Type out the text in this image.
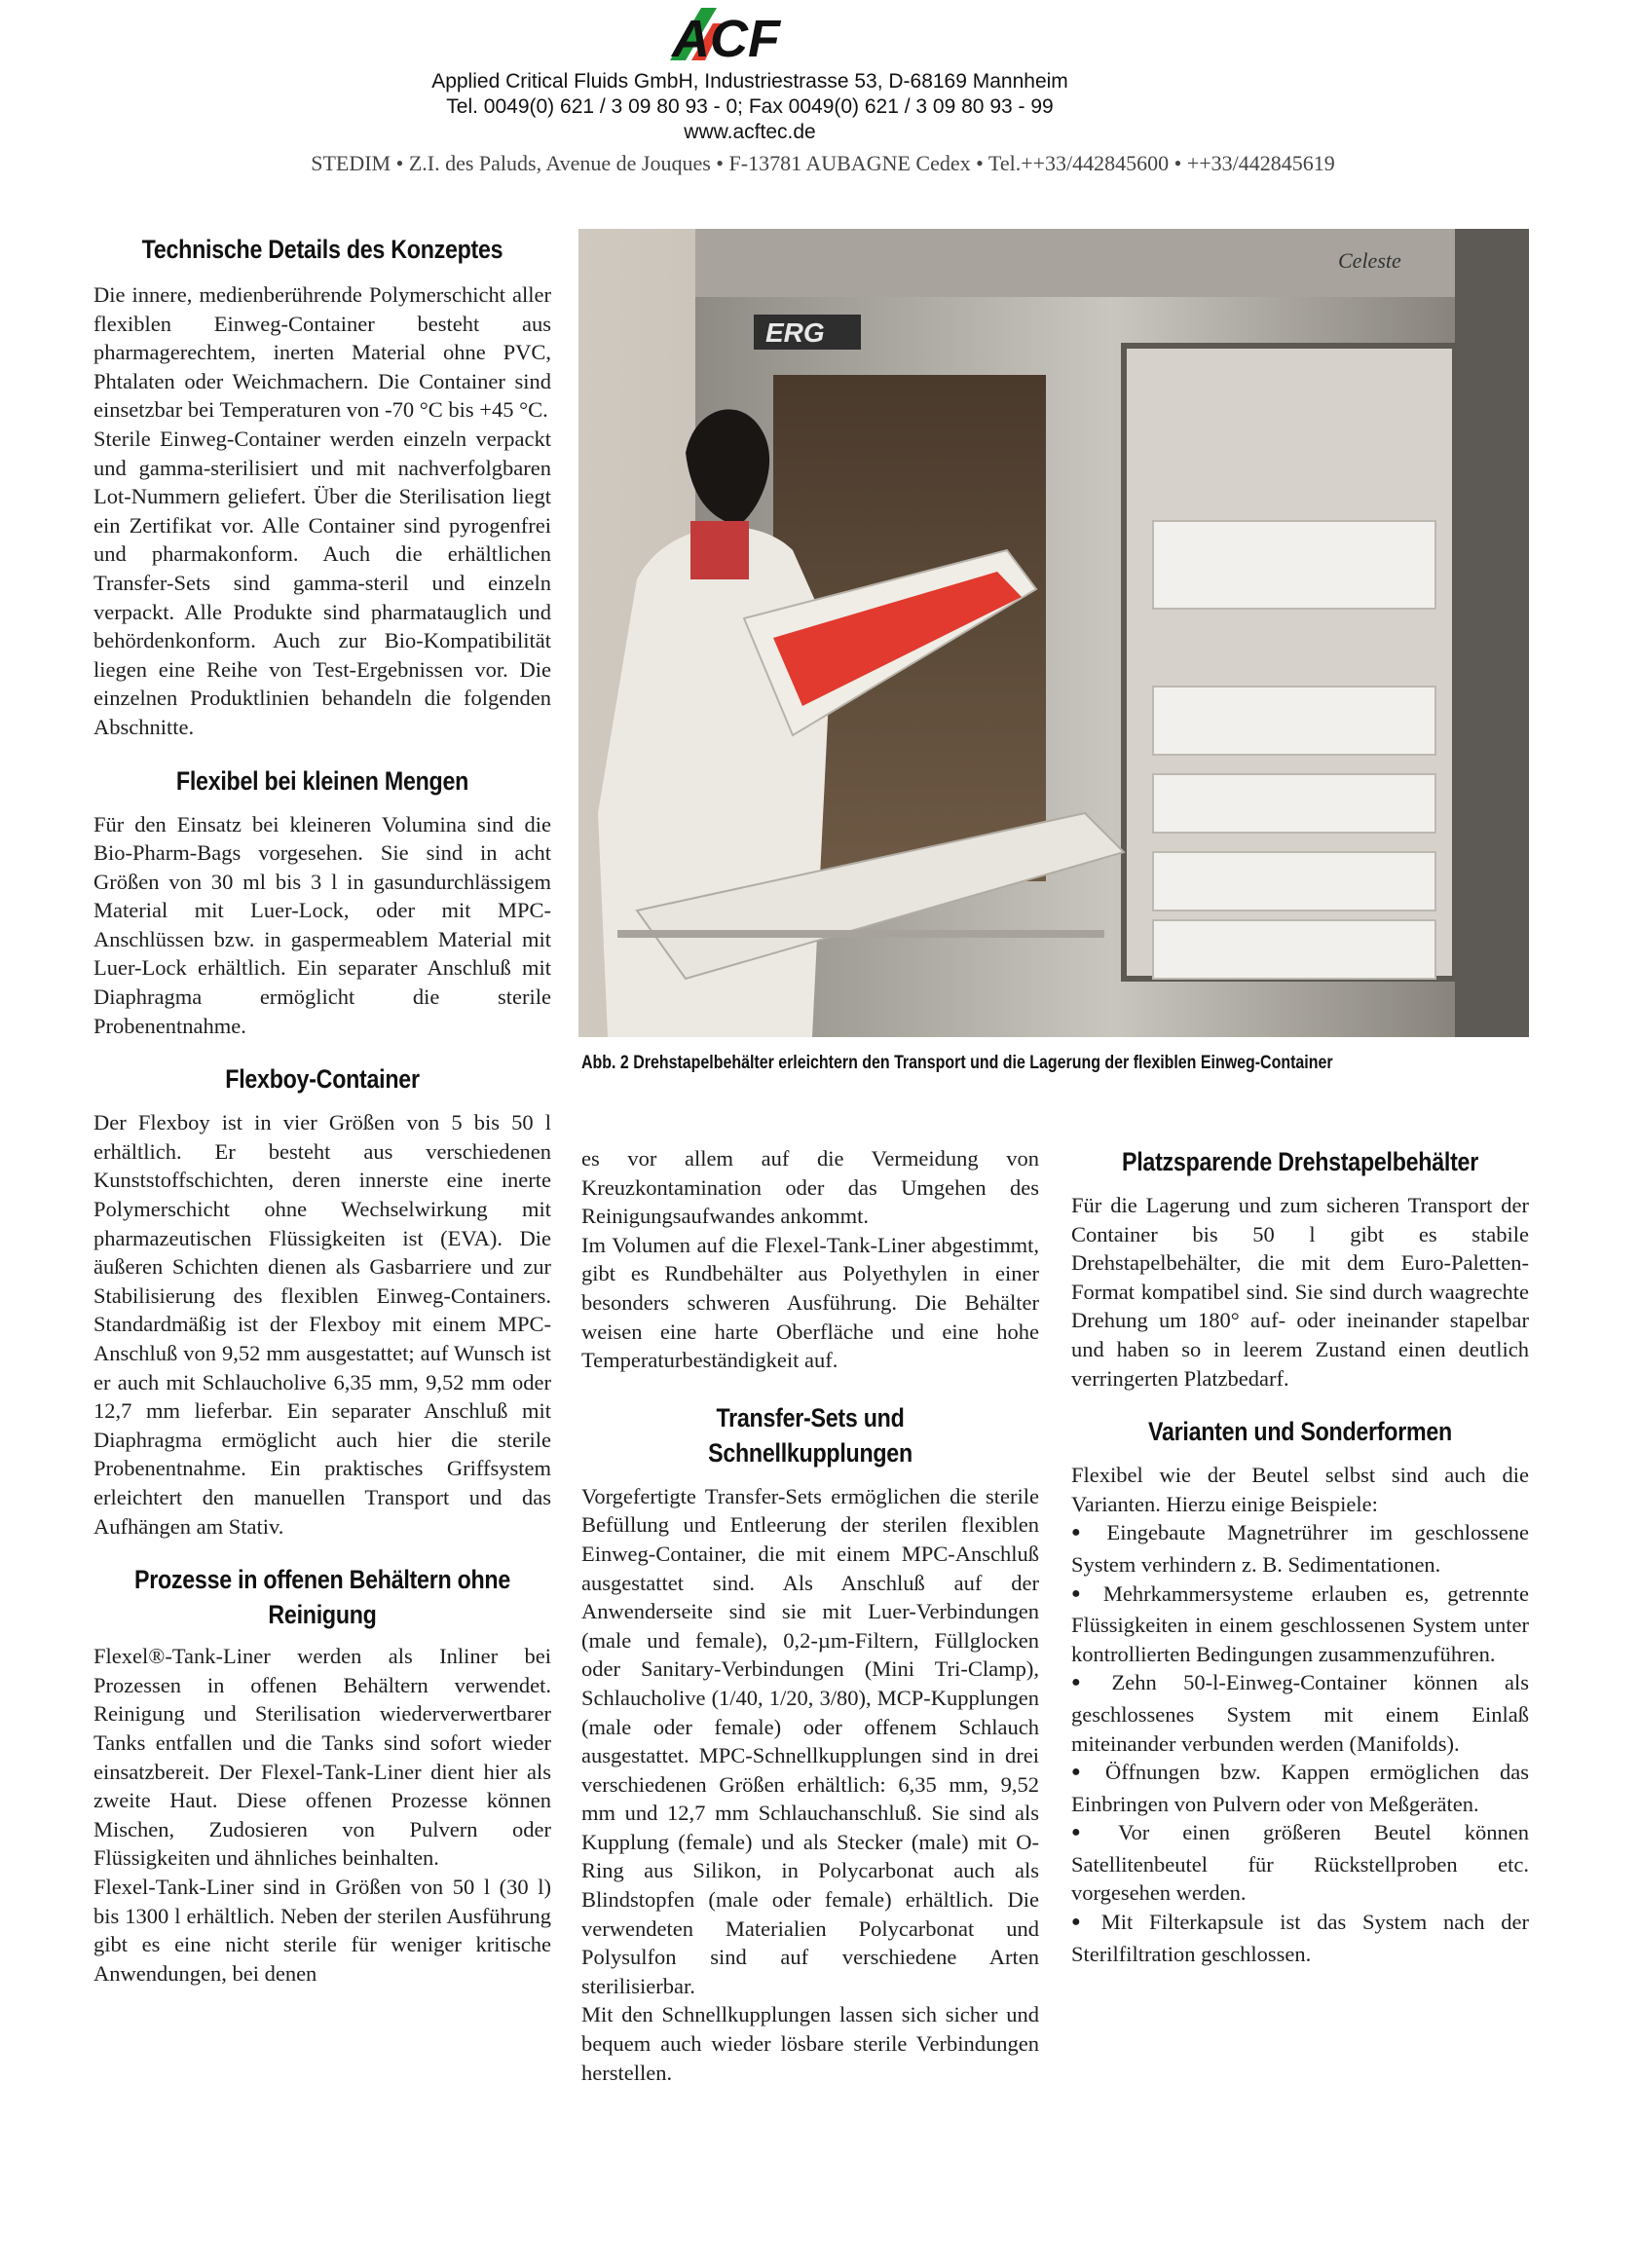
ACF
Applied Critical Fluids GmbH, Industriestrasse 53, D-68169 Mannheim
Tel. 0049(0) 621 / 3 09 80 93 - 0; Fax 0049(0) 621 / 3 09 80 93 - 99
www.acftec.de
STEDIM • Z.I. des Paluds, Avenue de Jouques • F-13781 AUBAGNE Cedex • Tel.++33/442845600 • ++33/442845619
Technische Details des Konzeptes

Die innere, medienberührende Polymerschicht aller flexiblen Einweg-Container besteht aus pharmagerechtem, inerten Material ohne PVC, Phtalaten oder Weichmachern. Die Container sind einsetzbar bei Temperaturen von -70 °C bis +45 °C.

Sterile Einweg-Container werden einzeln verpackt und gamma-sterilisiert und mit nachverfolgbaren Lot-Nummern geliefert. Über die Sterilisation liegt ein Zertifikat vor. Alle Container sind pyrogenfrei und pharmakonform. Auch die erhältlichen Transfer-Sets sind gamma-steril und einzeln verpackt. Alle Produkte sind pharmatauglich und behördenkonform. Auch zur Bio-Kompatibilität liegen eine Reihe von Test-Ergebnissen vor. Die einzelnen Produktlinien behandeln die folgenden Abschnitte.

Flexibel bei kleinen Mengen

Für den Einsatz bei kleineren Volumina sind die Bio-Pharm-Bags vorgesehen. Sie sind in acht Größen von 30 ml bis 3 l in gasundurchlässigem Material mit Luer-Lock, oder mit MPC-Anschlüssen bzw. in gaspermeablem Material mit Luer-Lock erhältlich. Ein separater Anschluß mit Diaphragma ermöglicht die sterile Probenentnahme.

Flexboy-Container

Der Flexboy ist in vier Größen von 5 bis 50 l erhältlich. Er besteht aus verschiedenen Kunststoffschichten, deren innerste eine inerte Polymerschicht ohne Wechselwirkung mit pharmazeutischen Flüssigkeiten ist (EVA). Die äußeren Schichten dienen als Gasbarriere und zur Stabilisierung des flexiblen Einweg-Containers. Standardmäßig ist der Flexboy mit einem MPC-Anschluß von 9,52 mm ausgestattet; auf Wunsch ist er auch mit Schlaucholive 6,35 mm, 9,52 mm oder 12,7 mm lieferbar. Ein separater Anschluß mit Diaphragma ermöglicht auch hier die sterile Probenentnahme. Ein praktisches Griffsystem erleichtert den manuellen Transport und das Aufhängen am Stativ.

Prozesse in offenen Behältern ohne Reinigung

Flexel®-Tank-Liner werden als Inliner bei Prozessen in offenen Behältern verwendet. Reinigung und Sterilisation wiederverwertbarer Tanks entfallen und die Tanks sind sofort wieder einsatzbereit. Der Flexel-Tank-Liner dient hier als zweite Haut. Diese offenen Prozesse können Mischen, Zudosieren von Pulvern oder Flüssigkeiten und ähnliches beinhalten.

Flexel-Tank-Liner sind in Größen von 50 l (30 l) bis 1300 l erhältlich. Neben der sterilen Ausführung gibt es eine nicht sterile für weniger kritische Anwendungen, bei denen

ERG
Celeste
Abb. 2 Drehstapelbehälter erleichtern den Transport und die Lagerung der flexiblen Einweg-Container

es vor allem auf die Vermeidung von Kreuzkontamination oder das Umgehen des Reinigungsaufwandes ankommt.

Im Volumen auf die Flexel-Tank-Liner abgestimmt, gibt es Rundbehälter aus Polyethylen in einer besonders schweren Ausführung. Die Behälter weisen eine harte Oberfläche und eine hohe Temperaturbeständigkeit auf.

Transfer-Sets und Schnellkupplungen

Vorgefertigte Transfer-Sets ermöglichen die sterile Befüllung und Entleerung der sterilen flexiblen Einweg-Container, die mit einem MPC-Anschluß ausgestattet sind. Als Anschluß auf der Anwenderseite sind sie mit Luer-Verbindungen (male und female), 0,2-µm-Filtern, Füllglocken oder Sanitary-Verbindungen (Mini Tri-Clamp), Schlaucholive (1/40, 1/20, 3/80), MCP-Kupplungen (male oder female) oder offenem Schlauch ausgestattet. MPC-Schnellkupplungen sind in drei verschiedenen Größen erhältlich: 6,35 mm, 9,52 mm und 12,7 mm Schlauchanschluß. Sie sind als Kupplung (female) und als Stecker (male) mit O-Ring aus Silikon, in Polycarbonat auch als Blindstopfen (male oder female) erhältlich. Die verwendeten Materialien Polycarbonat und Polysulfon sind auf verschiedene Arten sterilisierbar.

Mit den Schnellkupplungen lassen sich sicher und bequem auch wieder lösbare sterile Verbindungen herstellen.

Platzsparende Drehstapelbehälter

Für die Lagerung und zum sicheren Transport der Container bis 50 l gibt es stabile Drehstapelbehälter, die mit dem Euro-Paletten-Format kompatibel sind. Sie sind durch waagrechte Drehung um 180° auf- oder ineinander stapelbar und haben so in leerem Zustand einen deutlich verringerten Platzbedarf.

Varianten und Sonderformen

Flexibel wie der Beutel selbst sind auch die Varianten. Hierzu einige Beispiele:

● Eingebaute Magnetrührer im geschlossene System verhindern z. B. Sedimentationen.
● Mehrkammersysteme erlauben es, getrennte Flüssigkeiten in einem geschlossenen System unter kontrollierten Bedingungen zusammenzuführen.
● Zehn 50-l-Einweg-Container können als geschlossenes System mit einem Einlaß miteinander verbunden werden (Manifolds).
● Öffnungen bzw. Kappen ermöglichen das Einbringen von Pulvern oder von Meßgeräten.
● Vor einen größeren Beutel können Satellitenbeutel für Rückstellproben etc. vorgesehen werden.
● Mit Filterkapsule ist das System nach der Sterilfiltration geschlossen.
